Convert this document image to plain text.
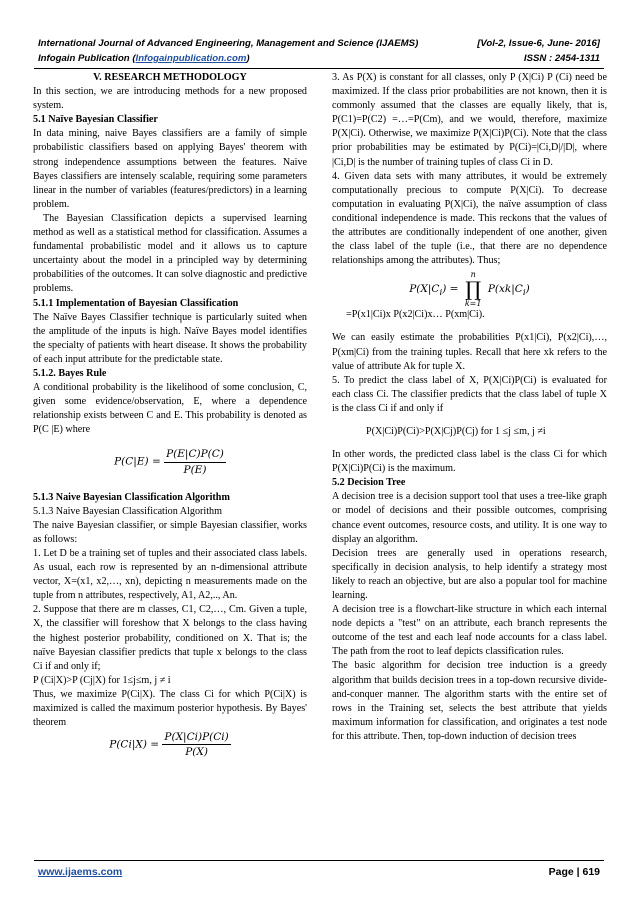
International Journal of Advanced Engineering, Management and Science (IJAEMS)	[Vol-2, Issue-6, June- 2016]
Infogain Publication (Infogainpublication.com)	ISSN : 2454-1311
V. RESEARCH METHODOLOGY

In this section, we are introducing methods for a new proposed system.

5.1 Naïve Bayesian Classifier

In data mining, naive Bayes classifiers are a family of simple probabilistic classifiers based on applying Bayes' theorem with strong independence assumptions between the features. Naive Bayes classifiers are intensely scalable, requiring some parameters linear in the number of variables (features/predictors) in a learning problem.

The Bayesian Classification depicts a supervised learning method as well as a statistical method for classification. Assumes a fundamental probabilistic model and it allows us to capture uncertainty about the model in a principled way by determining probabilities of the outcomes. It can solve diagnostic and predictive problems.

5.1.1 Implementation of Bayesian Classification

The Naïve Bayes Classifier technique is particularly suited when the amplitude of the inputs is high. Naïve Bayes model identifies the specialty of patients with heart disease. It shows the probability of each input attribute for the predictable state.

5.1.2. Bayes Rule

A conditional probability is the likelihood of some conclusion, C, given some evidence/observation, E, where a dependence relationship exists between C and E. This probability is denoted as P(C |E) where

$P(C|E) = \frac{P(E|C)P(C)}{P(E)}$
5.1.3 Naive Bayesian Classification Algorithm

5.1.3 Naive Bayesian Classification Algorithm

The naive Bayesian classifier, or simple Bayesian classifier, works as follows:

1. Let D be a training set of tuples and their associated class labels. As usual, each row is represented by an n-dimensional attribute vector, X=(x1, x2,…, xn), depicting n measurements made on the tuple from n attributes, respectively, A1, A2,.., An.

2. Suppose that there are m classes, C1, C2,…, Cm. Given a tuple, X, the classifier will foreshow that X belongs to the class having the highest posterior probability, conditioned on X. That is; the naïve Bayesian classifier predicts that tuple x belongs to the class Ci if and only if;

P (Ci|X)>P (Cj|X) for 1≤j≤m, j ≠ i

Thus, we maximize P(Ci|X). The class Ci for which P(Ci|X) is maximized is called the maximum posterior hypothesis. By Bayes' theorem

$P(Ci|X) = \frac{P(X|Ci)P(Ci)}{P(X)}$

3. As P(X) is constant for all classes, only P (X|Ci) P (Ci) need be maximized. If the class prior probabilities are not known, then it is commonly assumed that the classes are equally likely, that is, P(C1)=P(C2) =…=P(Cm), and we would, therefore, maximize P(X|Ci). Otherwise, we maximize P(X|Ci)P(Ci). Note that the class prior probabilities may be estimated by P(Ci)=|Ci,D|/|D|, where |Ci,D| is the number of training tuples of class Ci in D.

4. Given data sets with many attributes, it would be extremely computationally precious to compute P(X|Ci). To decrease computation in evaluating P(X|Ci), the naïve assumption of class conditional independence is made. This reckons that the values of the attributes are conditionally independent of one another, given the class label of the tuple (i.e., that there are no dependence relationships among the attributes). Thus;

$P(X|C_i)$ =
n
∏
k=1
$P(xk|C_i)$

=P(x1|Ci)x P(x2|Ci)x… P(xm|Ci).

We can easily estimate the probabilities P(x1|Ci), P(x2|Ci),…, P(xm|Ci) from the training tuples. Recall that here xk refers to the value of attribute Ak for tuple X.

5. To predict the class label of X, P(X|Ci)P(Ci) is evaluated for each class Ci. The classifier predicts that the class label of tuple X is the class Ci if and only if

P(X|Ci)P(Ci)>P(X|Cj)P(Cj) for 1 ≤j ≤m, j ≠i

In other words, the predicted class label is the class Ci for which P(X|Ci)P(Ci) is the maximum.

5.2 Decision Tree

A decision tree is a decision support tool that uses a tree-like graph or model of decisions and their possible outcomes, comprising chance event outcomes, resource costs, and utility. It is one way to display an algorithm.

Decision trees are generally used in operations research, specifically in decision analysis, to help identify a strategy most likely to reach an objective, but are also a popular tool for machine learning.

A decision tree is a flowchart-like structure in which each internal node depicts a "test" on an attribute, each branch represents the outcome of the test and each leaf node accounts for a class label. The path from the root to leaf depicts classification rules.

The basic algorithm for decision tree induction is a greedy algorithm that builds decision trees in a top-down recursive divide-and-conquer manner. The algorithm starts with the entire set of rows in the Training set, selects the best attribute that yields maximum information for classification, and originates a test node for this attribute. Then, top-down induction of decision trees

www.ijaems.com	Page | 619
